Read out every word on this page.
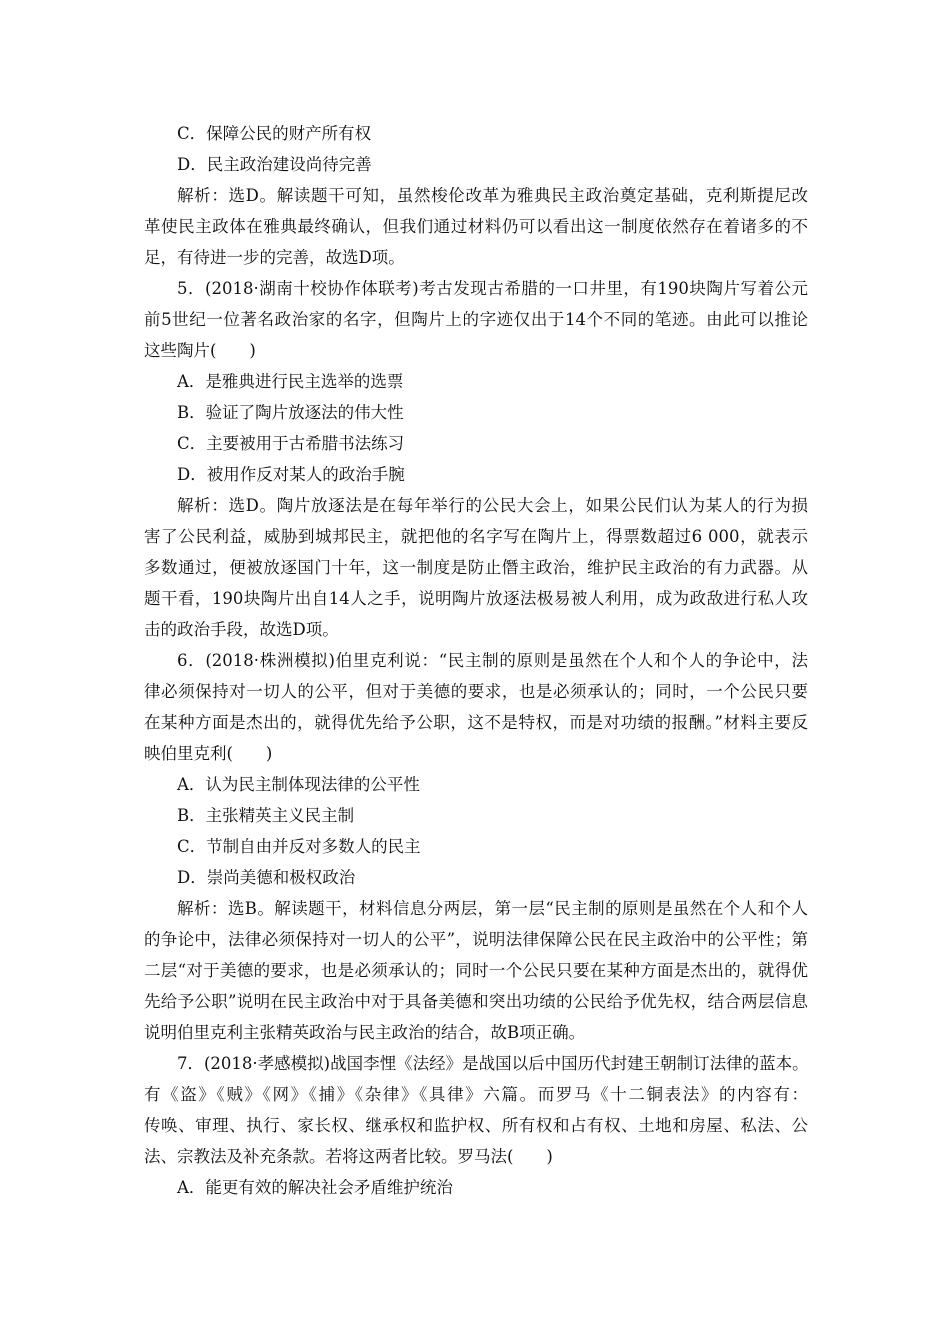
C．保障公民的财产所有权
D．民主政治建设尚待完善
解析：选D。解读题干可知，虽然梭伦改革为雅典民主政治奠定基础，克利斯提尼改
革使民主政体在雅典最终确认，但我们通过材料仍可以看出这一制度依然存在着诸多的不
足，有待进一步的完善，故选D项。
5．(2018·湖南十校协作体联考)考古发现古希腊的一口井里，有190块陶片写着公元
前5世纪一位著名政治家的名字，但陶片上的字迹仅出于14个不同的笔迹。由此可以推论
这些陶片(　　)
A．是雅典进行民主选举的选票
B．验证了陶片放逐法的伟大性
C．主要被用于古希腊书法练习
D．被用作反对某人的政治手腕
解析：选D。陶片放逐法是在每年举行的公民大会上，如果公民们认为某人的行为损
害了公民利益，威胁到城邦民主，就把他的名字写在陶片上，得票数超过6 000，就表示
多数通过，便被放逐国门十年，这一制度是防止僭主政治，维护民主政治的有力武器。从
题干看，190块陶片出自14人之手，说明陶片放逐法极易被人利用，成为政敌进行私人攻
击的政治手段，故选D项。
6．(2018·株洲模拟)伯里克利说：“民主制的原则是虽然在个人和个人的争论中，法
律必须保持对一切人的公平，但对于美德的要求，也是必须承认的；同时，一个公民只要
在某种方面是杰出的，就得优先给予公职，这不是特权，而是对功绩的报酬。”材料主要反
映伯里克利(　　)
A．认为民主制体现法律的公平性
B．主张精英主义民主制
C．节制自由并反对多数人的民主
D．崇尚美德和极权政治
解析：选B。解读题干，材料信息分两层，第一层“民主制的原则是虽然在个人和个人
的争论中，法律必须保持对一切人的公平”，说明法律保障公民在民主政治中的公平性；第
二层“对于美德的要求，也是必须承认的；同时一个公民只要在某种方面是杰出的，就得优
先给予公职”说明在民主政治中对于具备美德和突出功绩的公民给予优先权，结合两层信息
说明伯里克利主张精英政治与民主政治的结合，故B项正确。
7．(2018·孝感模拟)战国李悝《法经》是战国以后中国历代封建王朝制订法律的蓝本。
有《盗》《贼》《网》《捕》《杂律》《具律》六篇。而罗马《十二铜表法》的内容有：
传唤、审理、执行、家长权、继承权和监护权、所有权和占有权、土地和房屋、私法、公
法、宗教法及补充条款。若将这两者比较。罗马法(　　)
A．能更有效的解决社会矛盾维护统治
